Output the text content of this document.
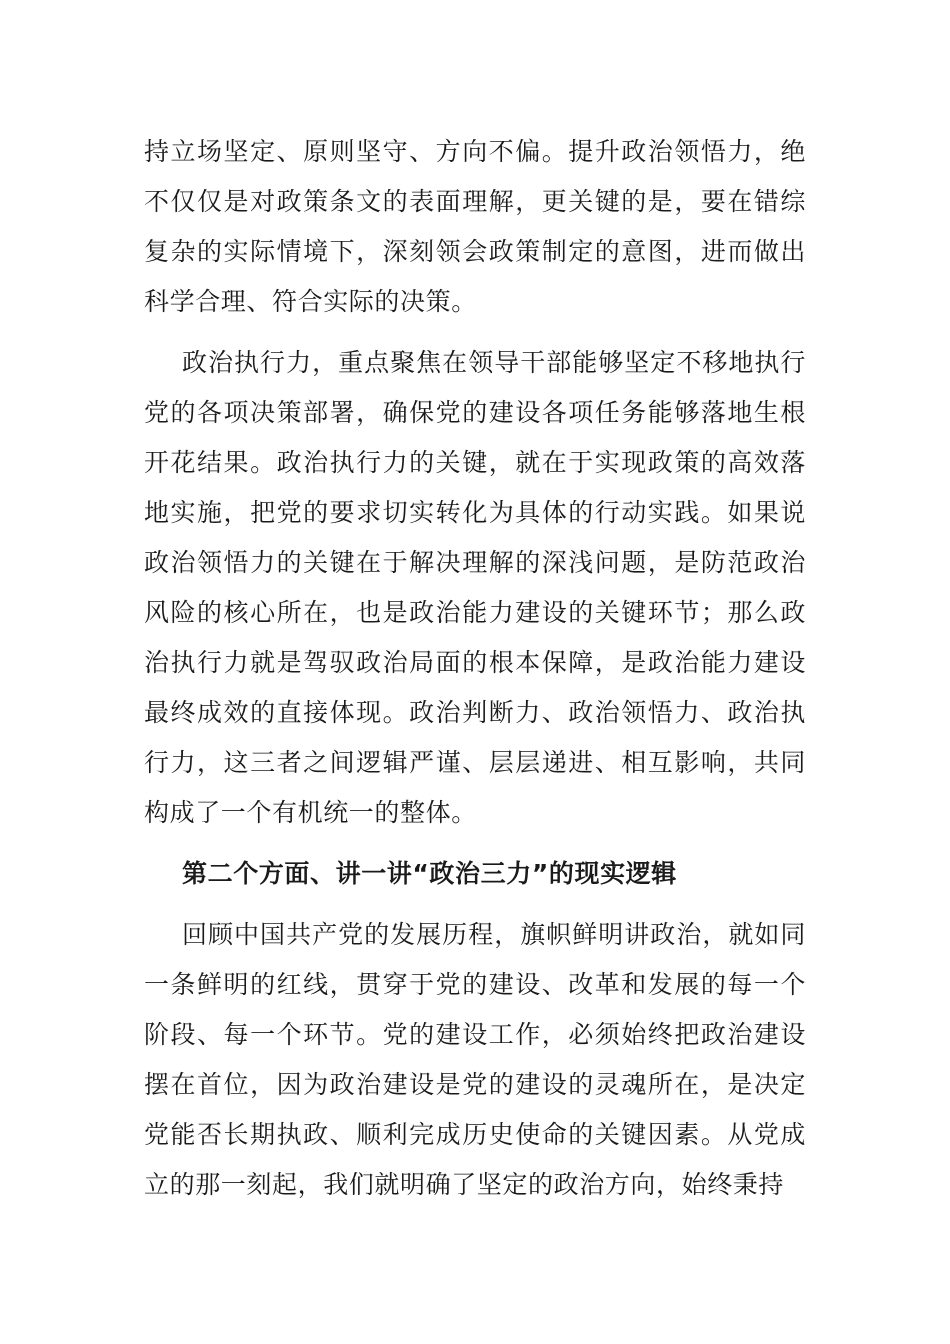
持立场坚定、原则坚守、方向不偏。提升政治领悟力，绝不仅仅是对政策条文的表面理解，更关键的是，要在错综复杂的实际情境下，深刻领会政策制定的意图，进而做出科学合理、符合实际的决策。

政治执行力，重点聚焦在领导干部能够坚定不移地执行党的各项决策部署，确保党的建设各项任务能够落地生根开花结果。政治执行力的关键，就在于实现政策的高效落地实施，把党的要求切实转化为具体的行动实践。如果说政治领悟力的关键在于解决理解的深浅问题，是防范政治风险的核心所在，也是政治能力建设的关键环节；那么政治执行力就是驾驭政治局面的根本保障，是政治能力建设最终成效的直接体现。政治判断力、政治领悟力、政治执行力，这三者之间逻辑严谨、层层递进、相互影响，共同构成了一个有机统一的整体。

第二个方面、讲一讲“政治三力”的现实逻辑

回顾中国共产党的发展历程，旗帜鲜明讲政治，就如同一条鲜明的红线，贯穿于党的建设、改革和发展的每一个阶段、每一个环节。党的建设工作，必须始终把政治建设摆在首位，因为政治建设是党的建设的灵魂所在，是决定党能否长期执政、顺利完成历史使命的关键因素。从党成立的那一刻起，我们就明确了坚定的政治方向，始终秉持
